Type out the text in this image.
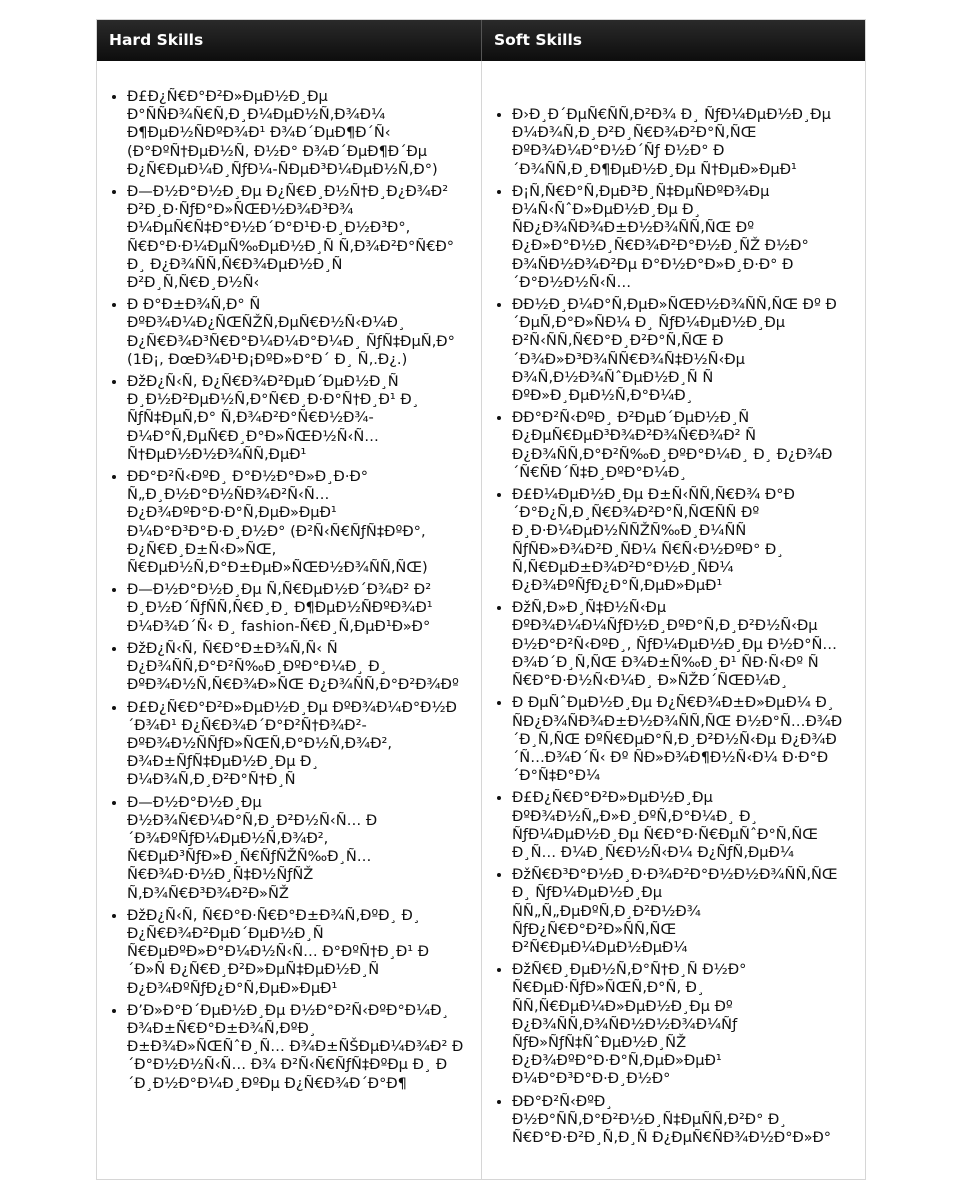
Hard Skills	Soft Skills
• Ð£Ð¿Ñ€Ð°Ð²Ð»ÐµÐ½Ð¸Ðµ Ð°ÑÑÐ¾Ñ€Ñ‚Ð¸Ð¼ÐµÐ½Ñ‚Ð¾Ð¼ Ð¶ÐµÐ½ÑÐºÐ¾Ð¹ Ð¾Ð´ÐµÐ¶Ð´Ñ‹ (Ð°ÐºÑ†ÐµÐ½Ñ‚ Ð½Ð° Ð¾Ð´ÐµÐ¶Ð´Ðµ Ð¿Ñ€ÐµÐ¼Ð¸ÑƒÐ¼-ÑÐµÐ³Ð¼ÐµÐ½Ñ‚Ð°)
• Ð—Ð½Ð°Ð½Ð¸Ðµ Ð¿Ñ€Ð¸Ð½Ñ†Ð¸Ð¿Ð¾Ð² Ð²Ð¸Ð·ÑƒÐ°Ð»ÑŒÐ½Ð¾Ð³Ð¾ Ð¼ÐµÑ€Ñ‡Ð°Ð½Ð´Ð°Ð¹Ð·Ð¸Ð½Ð³Ð°, Ñ€Ð°Ð·Ð¼ÐµÑ‰ÐµÐ½Ð¸Ñ Ñ‚Ð¾Ð²Ð°Ñ€Ð° Ð¸ Ð¿Ð¾ÑÑ‚Ñ€Ð¾ÐµÐ½Ð¸Ñ Ð²Ð¸Ñ‚Ñ€Ð¸Ð½Ñ‹
• Ð Ð°Ð±Ð¾Ñ‚Ð° Ñ ÐºÐ¾Ð¼Ð¿ÑŒÑŽÑ‚ÐµÑ€Ð½Ñ‹Ð¼Ð¸ Ð¿Ñ€Ð¾Ð³Ñ€Ð°Ð¼Ð¼Ð°Ð¼Ð¸ ÑƒÑ‡ÐµÑ‚Ð° (1Ð¡, ÐœÐ¾Ð¹Ð¡ÐºÐ»Ð°Ð´ Ð¸ Ñ‚.Ð¿.)
• ÐžÐ¿Ñ‹Ñ‚ Ð¿Ñ€Ð¾Ð²ÐµÐ´ÐµÐ½Ð¸Ñ Ð¸Ð½Ð²ÐµÐ½Ñ‚Ð°Ñ€Ð¸Ð·Ð°Ñ†Ð¸Ð¹ Ð¸ ÑƒÑ‡ÐµÑ‚Ð° Ñ‚Ð¾Ð²Ð°Ñ€Ð½Ð¾-Ð¼Ð°Ñ‚ÐµÑ€Ð¸Ð°Ð»ÑŒÐ½Ñ‹Ñ… Ñ†ÐµÐ½Ð½Ð¾ÑÑ‚ÐµÐ¹
• ÐÐ°Ð²Ñ‹ÐºÐ¸ Ð°Ð½Ð°Ð»Ð¸Ð·Ð° Ñ„Ð¸Ð½Ð°Ð½ÑÐ¾Ð²Ñ‹Ñ… Ð¿Ð¾ÐºÐ°Ð·Ð°Ñ‚ÐµÐ»ÐµÐ¹ Ð¼Ð°Ð³Ð°Ð·Ð¸Ð½Ð° (Ð²Ñ‹Ñ€ÑƒÑ‡ÐºÐ°, Ð¿Ñ€Ð¸Ð±Ñ‹Ð»ÑŒ, Ñ€ÐµÐ½Ñ‚Ð°Ð±ÐµÐ»ÑŒÐ½Ð¾ÑÑ‚ÑŒ)
• Ð—Ð½Ð°Ð½Ð¸Ðµ Ñ‚Ñ€ÐµÐ½Ð´Ð¾Ð² Ð² Ð¸Ð½Ð´ÑƒÑÑ‚Ñ€Ð¸Ð¸ Ð¶ÐµÐ½ÑÐºÐ¾Ð¹ Ð¼Ð¾Ð´Ñ‹ Ð¸ fashion-Ñ€Ð¸Ñ‚ÐµÐ¹Ð»Ð°
• ÐžÐ¿Ñ‹Ñ‚ Ñ€Ð°Ð±Ð¾Ñ‚Ñ‹ Ñ Ð¿Ð¾ÑÑ‚Ð°Ð²Ñ‰Ð¸ÐºÐ°Ð¼Ð¸ Ð¸ ÐºÐ¾Ð½Ñ‚Ñ€Ð¾Ð»ÑŒ Ð¿Ð¾ÑÑ‚Ð°Ð²Ð¾Ðº
• Ð£Ð¿Ñ€Ð°Ð²Ð»ÐµÐ½Ð¸Ðµ ÐºÐ¾Ð¼Ð°Ð½Ð´Ð¾Ð¹ Ð¿Ñ€Ð¾Ð´Ð°Ð²Ñ†Ð¾Ð²-ÐºÐ¾Ð½ÑÑƒÐ»ÑŒÑ‚Ð°Ð½Ñ‚Ð¾Ð², Ð¾Ð±ÑƒÑ‡ÐµÐ½Ð¸Ðµ Ð¸ Ð¼Ð¾Ñ‚Ð¸Ð²Ð°Ñ†Ð¸Ñ
• Ð—Ð½Ð°Ð½Ð¸Ðµ Ð½Ð¾Ñ€Ð¼Ð°Ñ‚Ð¸Ð²Ð½Ñ‹Ñ… Ð´Ð¾ÐºÑƒÐ¼ÐµÐ½Ñ‚Ð¾Ð², Ñ€ÐµÐ³ÑƒÐ»Ð¸Ñ€ÑƒÑŽÑ‰Ð¸Ñ… Ñ€Ð¾Ð·Ð½Ð¸Ñ‡Ð½ÑƒÑŽ Ñ‚Ð¾Ñ€Ð³Ð¾Ð²Ð»ÑŽ
• ÐžÐ¿Ñ‹Ñ‚ Ñ€Ð°Ð·Ñ€Ð°Ð±Ð¾Ñ‚ÐºÐ¸ Ð¸ Ð¿Ñ€Ð¾Ð²ÐµÐ´ÐµÐ½Ð¸Ñ Ñ€ÐµÐºÐ»Ð°Ð¼Ð½Ñ‹Ñ… Ð°ÐºÑ†Ð¸Ð¹ Ð´Ð»Ñ Ð¿Ñ€Ð¸Ð²Ð»ÐµÑ‡ÐµÐ½Ð¸Ñ Ð¿Ð¾ÐºÑƒÐ¿Ð°Ñ‚ÐµÐ»ÐµÐ¹
• Ð’Ð»Ð°Ð´ÐµÐ½Ð¸Ðµ Ð½Ð°Ð²Ñ‹ÐºÐ°Ð¼Ð¸ Ð¾Ð±Ñ€Ð°Ð±Ð¾Ñ‚ÐºÐ¸ Ð±Ð¾Ð»ÑŒÑˆÐ¸Ñ… Ð¾Ð±ÑŠÐµÐ¼Ð¾Ð² Ð´Ð°Ð½Ð½Ñ‹Ñ… Ð¾ Ð²Ñ‹Ñ€ÑƒÑ‡ÐºÐµ Ð¸ Ð´Ð¸Ð½Ð°Ð¼Ð¸ÐºÐµ Ð¿Ñ€Ð¾Ð´Ð°Ð¶
• Ð›Ð¸Ð´ÐµÑ€ÑÑ‚Ð²Ð¾ Ð¸ ÑƒÐ¼ÐµÐ½Ð¸Ðµ Ð¼Ð¾Ñ‚Ð¸Ð²Ð¸Ñ€Ð¾Ð²Ð°Ñ‚ÑŒ ÐºÐ¾Ð¼Ð°Ð½Ð´Ñƒ Ð½Ð° Ð´Ð¾ÑÑ‚Ð¸Ð¶ÐµÐ½Ð¸Ðµ Ñ†ÐµÐ»ÐµÐ¹
• Ð¡Ñ‚Ñ€Ð°Ñ‚ÐµÐ³Ð¸Ñ‡ÐµÑÐºÐ¾Ðµ Ð¼Ñ‹ÑˆÐ»ÐµÐ½Ð¸Ðµ Ð¸ ÑÐ¿Ð¾ÑÐ¾Ð±Ð½Ð¾ÑÑ‚ÑŒ Ðº Ð¿Ð»Ð°Ð½Ð¸Ñ€Ð¾Ð²Ð°Ð½Ð¸ÑŽ Ð½Ð° Ð¾ÑÐ½Ð¾Ð²Ðµ Ð°Ð½Ð°Ð»Ð¸Ð·Ð° Ð´Ð°Ð½Ð½Ñ‹Ñ…
• ÐÐ½Ð¸Ð¼Ð°Ñ‚ÐµÐ»ÑŒÐ½Ð¾ÑÑ‚ÑŒ Ðº Ð´ÐµÑ‚Ð°Ð»ÑÐ¼ Ð¸ ÑƒÐ¼ÐµÐ½Ð¸Ðµ Ð²Ñ‹ÑÑ‚Ñ€Ð°Ð¸Ð²Ð°Ñ‚ÑŒ Ð´Ð¾Ð»Ð³Ð¾ÑÑ€Ð¾Ñ‡Ð½Ñ‹Ðµ Ð¾Ñ‚Ð½Ð¾ÑˆÐµÐ½Ð¸Ñ Ñ ÐºÐ»Ð¸ÐµÐ½Ñ‚Ð°Ð¼Ð¸
• ÐÐ°Ð²Ñ‹ÐºÐ¸ Ð²ÐµÐ´ÐµÐ½Ð¸Ñ Ð¿ÐµÑ€ÐµÐ³Ð¾Ð²Ð¾Ñ€Ð¾Ð² Ñ Ð¿Ð¾ÑÑ‚Ð°Ð²Ñ‰Ð¸ÐºÐ°Ð¼Ð¸ Ð¸ Ð¿Ð¾Ð´Ñ€ÑÐ´Ñ‡Ð¸ÐºÐ°Ð¼Ð¸
• Ð£Ð¼ÐµÐ½Ð¸Ðµ Ð±Ñ‹ÑÑ‚Ñ€Ð¾ Ð°Ð´Ð°Ð¿Ñ‚Ð¸Ñ€Ð¾Ð²Ð°Ñ‚ÑŒÑÑ Ðº Ð¸Ð·Ð¼ÐµÐ½ÑÑŽÑ‰Ð¸Ð¼ÑÑ ÑƒÑÐ»Ð¾Ð²Ð¸ÑÐ¼ Ñ€Ñ‹Ð½ÐºÐ° Ð¸ Ñ‚Ñ€ÐµÐ±Ð¾Ð²Ð°Ð½Ð¸ÑÐ¼ Ð¿Ð¾ÐºÑƒÐ¿Ð°Ñ‚ÐµÐ»ÐµÐ¹
• ÐžÑ‚Ð»Ð¸Ñ‡Ð½Ñ‹Ðµ ÐºÐ¾Ð¼Ð¼ÑƒÐ½Ð¸ÐºÐ°Ñ‚Ð¸Ð²Ð½Ñ‹Ðµ Ð½Ð°Ð²Ñ‹ÐºÐ¸, ÑƒÐ¼ÐµÐ½Ð¸Ðµ Ð½Ð°Ñ…Ð¾Ð´Ð¸Ñ‚ÑŒ Ð¾Ð±Ñ‰Ð¸Ð¹ ÑÐ·Ñ‹Ðº Ñ Ñ€Ð°Ð·Ð½Ñ‹Ð¼Ð¸ Ð»ÑŽÐ´ÑŒÐ¼Ð¸
• Ð ÐµÑˆÐµÐ½Ð¸Ðµ Ð¿Ñ€Ð¾Ð±Ð»ÐµÐ¼ Ð¸ ÑÐ¿Ð¾ÑÐ¾Ð±Ð½Ð¾ÑÑ‚ÑŒ Ð½Ð°Ñ…Ð¾Ð´Ð¸Ñ‚ÑŒ ÐºÑ€ÐµÐ°Ñ‚Ð¸Ð²Ð½Ñ‹Ðµ Ð¿Ð¾Ð´Ñ…Ð¾Ð´Ñ‹ Ðº ÑÐ»Ð¾Ð¶Ð½Ñ‹Ð¼ Ð·Ð°Ð´Ð°Ñ‡Ð°Ð¼
• Ð£Ð¿Ñ€Ð°Ð²Ð»ÐµÐ½Ð¸Ðµ ÐºÐ¾Ð½Ñ„Ð»Ð¸ÐºÑ‚Ð°Ð¼Ð¸ Ð¸ ÑƒÐ¼ÐµÐ½Ð¸Ðµ Ñ€Ð°Ð·Ñ€ÐµÑˆÐ°Ñ‚ÑŒ Ð¸Ñ… Ð¼Ð¸Ñ€Ð½Ñ‹Ð¼ Ð¿ÑƒÑ‚ÐµÐ¼
• ÐžÑ€Ð³Ð°Ð½Ð¸Ð·Ð¾Ð²Ð°Ð½Ð½Ð¾ÑÑ‚ÑŒ Ð¸ ÑƒÐ¼ÐµÐ½Ð¸Ðµ ÑÑ„Ñ„ÐµÐºÑ‚Ð¸Ð²Ð½Ð¾ ÑƒÐ¿Ñ€Ð°Ð²Ð»ÑÑ‚ÑŒ Ð²Ñ€ÐµÐ¼ÐµÐ½ÐµÐ¼
• ÐžÑ€Ð¸ÐµÐ½Ñ‚Ð°Ñ†Ð¸Ñ Ð½Ð° Ñ€ÐµÐ·ÑƒÐ»ÑŒÑ‚Ð°Ñ‚ Ð¸ ÑÑ‚Ñ€ÐµÐ¼Ð»ÐµÐ½Ð¸Ðµ Ðº Ð¿Ð¾ÑÑ‚Ð¾ÑÐ½Ð½Ð¾Ð¼Ñƒ ÑƒÐ»ÑƒÑ‡ÑˆÐµÐ½Ð¸ÑŽ Ð¿Ð¾ÐºÐ°Ð·Ð°Ñ‚ÐµÐ»ÐµÐ¹ Ð¼Ð°Ð³Ð°Ð·Ð¸Ð½Ð°
• ÐÐ°Ð²Ñ‹ÐºÐ¸ Ð½Ð°ÑÑ‚Ð°Ð²Ð½Ð¸Ñ‡ÐµÑÑ‚Ð²Ð° Ð¸ Ñ€Ð°Ð·Ð²Ð¸Ñ‚Ð¸Ñ Ð¿ÐµÑ€ÑÐ¾Ð½Ð°Ð»Ð°
